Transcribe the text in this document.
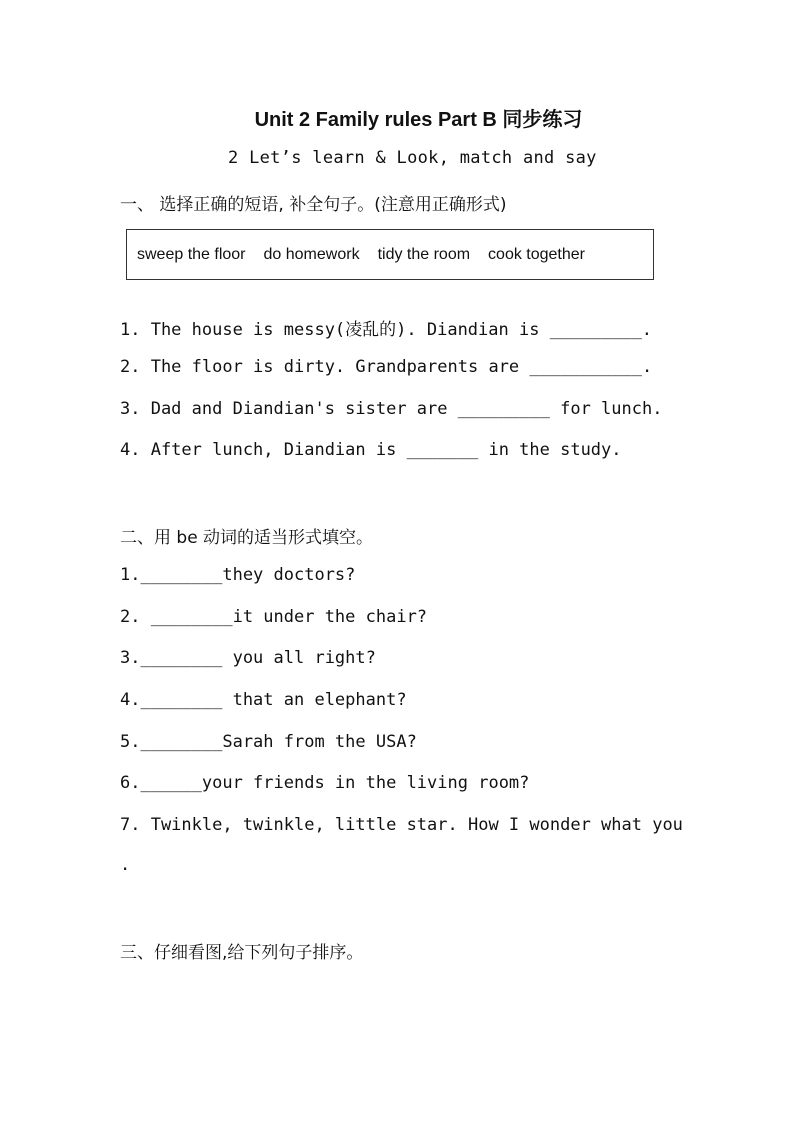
Unit 2 Family rules Part B 同步练习
2 Let’s learn & Look, match and say
一、 选择正确的短语, 补全句子。(注意用正确形式)
sweep the floor do homework tidy the room cook together
1. The house is messy(凌乱的). Diandian is _________.
2. The floor is dirty. Grandparents are ___________.
3. Dad and Diandian's sister are _________ for lunch.
4. After lunch, Diandian is _______ in the study.
二、用 be 动词的适当形式填空。
1.________they doctors?
2. ________it under the chair?
3.________ you all right?
4.________ that an elephant?
5.________Sarah from the USA?
6.______your friends in the living room?
7. Twinkle, twinkle, little star. How I wonder what you
.
三、仔细看图,给下列句子排序。
